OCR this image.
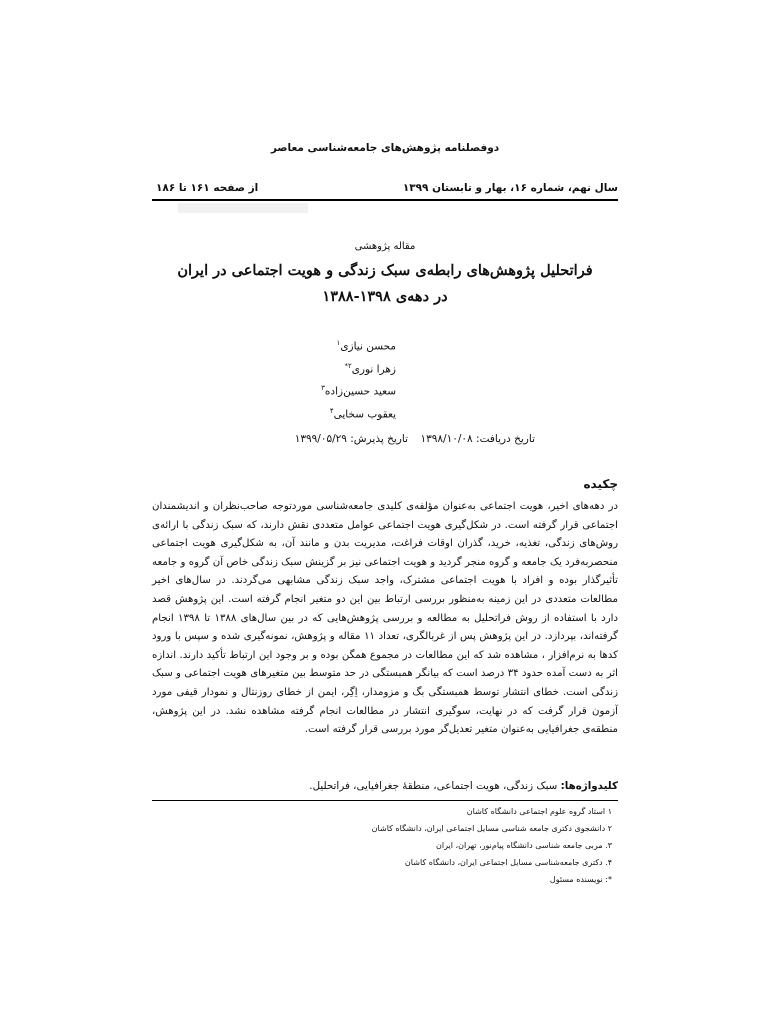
دوفصلنامه پژوهش‌های جامعه‌شناسی معاصر
سال نهم، شماره ۱۶، بهار و تابستان ۱۳۹۹
از صفحه ۱۶۱ تا ۱۸۶
مقاله پژوهشی
فراتحلیل پژوهش‌های رابطه‌ی سبک زندگی و هویت اجتماعی در ایران
در دهه‌ی ۱۳۹۸-۱۳۸۸
محسن نیازی$^۱$
زهرا نوری$^{۲*}$
سعید حسین‌زاده$^۳$
یعقوب سخایی$^۴$
تاریخ دریافت: ۱۳۹۸/۱۰/۰۸
تاریخ پذیرش: ۱۳۹۹/۰۵/۲۹
چکیده

در دهه‌های اخیر، هویت اجتماعی به‌عنوان مؤلفه‌ی کلیدی جامعه‌شناسی موردتوجه صاحب‌نظران و اندیشمندان اجتماعی قرار گرفته است. در شکل‌گیری هویت اجتماعی عوامل متعددی نقش دارند، که سبک زندگی با ارائه‌ی روش‌های زندگی، تغذیه، خرید، گذران اوقات فراغت، مدیریت بدن و مانند آن، به شکل‌گیری هویت اجتماعی منحصربه‌فرد یک جامعه و گروه منجر گردید و هویت اجتماعی نیز بر گزینش سبک زندگی خاص آن گروه و جامعه تأثیرگذار بوده و افراد با هویت اجتماعی مشترک، واجد سبک زندگی مشابهی می‌گردند. در سال‌های اخیر مطالعات متعددی در این زمینه به‌منظور بررسی ارتباط بین این دو متغیر انجام گرفته است. این پژوهش قصد دارد با استفاده از روش فراتحلیل به مطالعه و بررسی پژوهش‌هایی که در بین سال‌های ۱۳۸۸ تا ۱۳۹۸ انجام گرفته‌اند، بپردازد. در این پژوهش پس از غربالگری، تعداد ۱۱ مقاله و پژوهش، نمونه‌گیری شده و سپس با ورود کدها به نرم‌افزار ، مشاهده شد که این مطالعات در مجموع همگن بوده و بر وجود این ارتباط تأکید دارند. اندازه اثر به دست آمده حدود ۳۴ درصد است که بیانگر همبستگی در حد متوسط بین متغیرهای هویت اجتماعی و سبک زندگی است. خطای انتشار توسط همبستگی بگ و مزومدار، اِگِر، ایمن از خطای روزنتال و نمودار قیفی مورد آزمون قرار گرفت که در نهایت، سوگیری انتشار در مطالعات انجام گرفته مشاهده نشد. در این پژوهش، منطقه‌ی جغرافیایی به‌عنوان متغیر تعدیل‌گر مورد بررسی قرار گرفته است.

کلیدواژه‌ها: سبک زندگی، هویت اجتماعی، منطقهٔ جغرافیایی، فراتحلیل.
۱ استاد گروه علوم اجتماعی دانشگاه کاشان
۲ دانشجوی دکتری جامعه شناسی مسایل اجتماعی ایران، دانشگاه کاشان
۳. مربی جامعه شناسی دانشگاه پیام‌نور، تهران، ایران
۴. دکتری جامعه‌شناسی مسایل اجتماعی ایران، دانشگاه کاشان
*: نویسنده مسئول
